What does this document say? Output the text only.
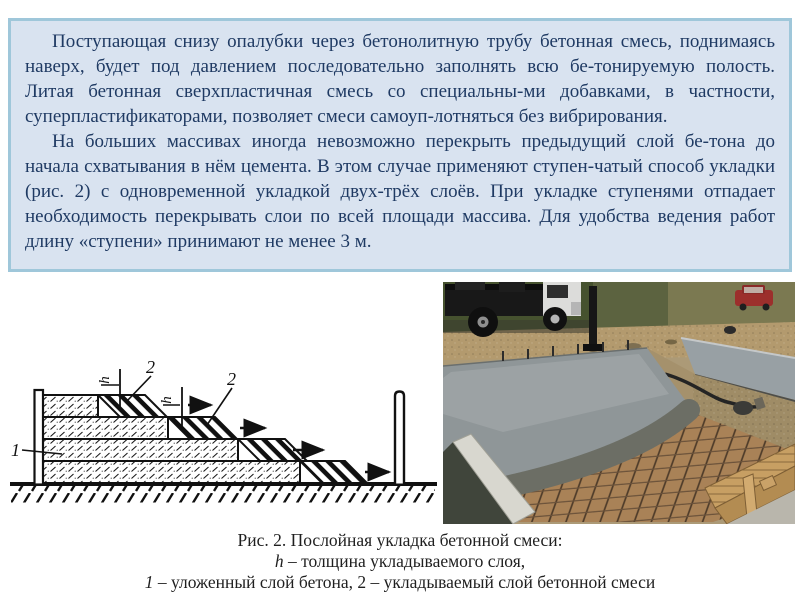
Поступающая снизу опалубки через бетонолитную трубу бетонная смесь, поднимаясь наверх, будет под давлением последовательно заполнять всю бе-тонируемую полость. Литая бетонная сверхпластичная смесь со специальны-ми добавками, в частности, суперпластификаторами, позволяет смеси самоуп-лотняться без вибрирования.

На больших массивах иногда невозможно перекрыть предыдущий слой бе-тона до начала схватывания в нём цемента. В этом случае применяют ступен-чатый способ укладки (рис. 2) с одновременной укладкой двух-трёх слоёв. При укладке ступенями отпадает необходимость перекрывать слои по всей площади массива. Для удобства ведения работ длину «ступени» принимают не менее 3 м.

h
h
2
2
1
Рис. 2. Послойная укладка бетонной смеси:
h – толщина укладываемого слоя,
1 – уложенный слой бетона, 2 – укладываемый слой бетонной смеси
